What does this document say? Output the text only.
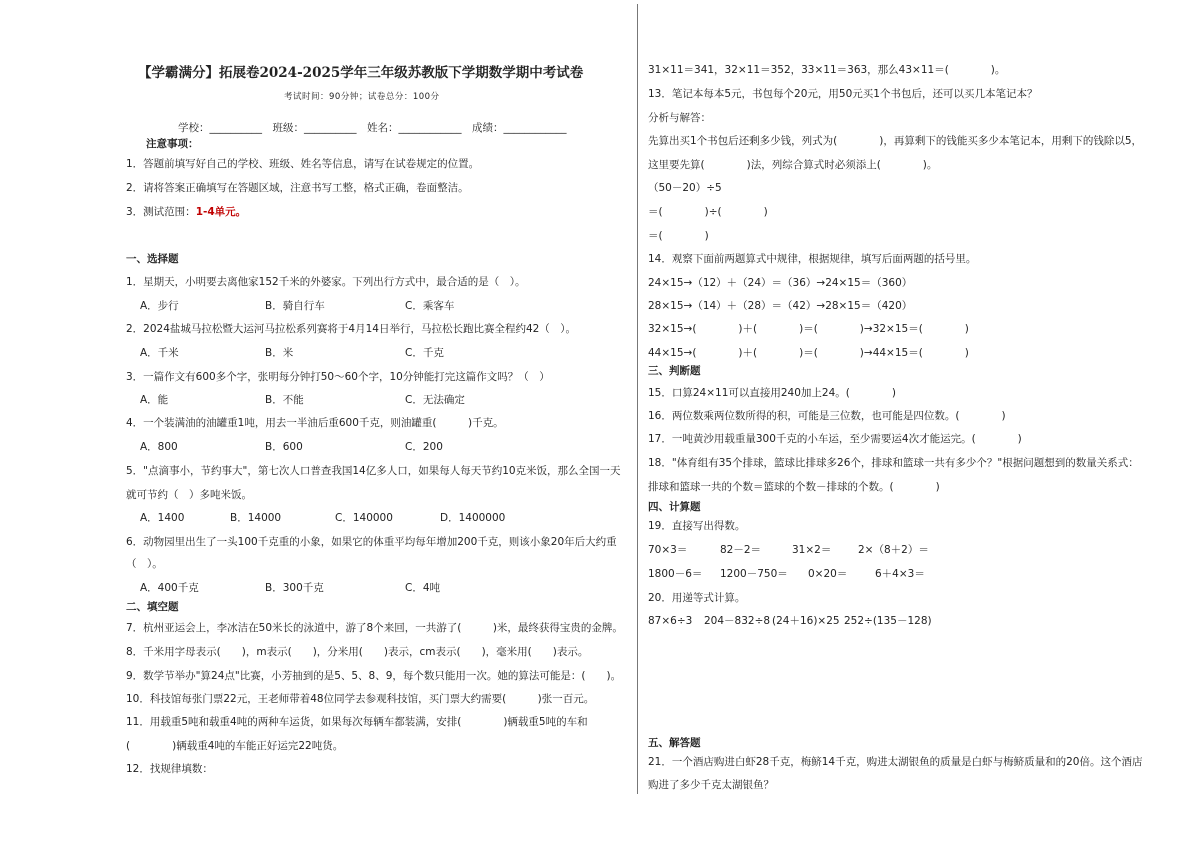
【学霸满分】拓展卷2024-2025学年三年级苏教版下学期数学期中考试卷
考试时间：90分钟；试卷总分：100分
学校：__________　班级：__________　姓名：____________　成绩：____________
注意事项：
1．答题前填写好自己的学校、班级、姓名等信息，请写在试卷规定的位置。
2．请将答案正确填写在答题区域，注意书写工整，格式正确，卷面整洁。
3．测试范围：1-4单元。
一、选择题
1．星期天，小明要去离他家152千米的外婆家。下列出行方式中，最合适的是（　）。
A．步行	B．骑自行车	C．乘客车
2．2024盐城马拉松暨大运河马拉松系列赛将于4月14日举行，马拉松长跑比赛全程约42（　）。
A．千米	B．米	C．千克
3．一篇作文有600多个字，张明每分钟打50～60个字，10分钟能打完这篇作文吗？（　）
A．能	B．不能	C．无法确定
4．一个装满油的油罐重1吨，用去一半油后重600千克，则油罐重(　　　)千克。
A．800	B．600	C．200
5．"点滴事小，节约事大"，第七次人口普查我国14亿多人口，如果每人每天节约10克米饭，那么全国一天
就可节约（　）多吨米饭。
A．1400	B．14000	C．140000	D．1400000
6．动物园里出生了一头100千克重的小象，如果它的体重平均每年增加200千克，则该小象20年后大约重
（　）。
A．400千克	B．300千克	C．4吨
二、填空题
7．杭州亚运会上，李冰洁在50米长的泳道中，游了8个来回，一共游了(　　　)米，最终获得宝贵的金牌。
8．千米用字母表示(　　)，m表示(　　)，分米用(　　)表示，cm表示(　　)，毫米用(　　)表示。
9．数学节举办"算24点"比赛，小芳抽到的是5、5、8、9，每个数只能用一次。她的算法可能是：(　　)。
10．科技馆每张门票22元，王老师带着48位同学去参观科技馆，买门票大约需要(　　　)张一百元。
11．用载重5吨和载重4吨的两种车运货，如果每次每辆车都装满，安排(　　　　)辆载重5吨的车和
(　　　　)辆载重4吨的车能正好运完22吨货。
12．找规律填数：
31×11＝341，32×11＝352，33×11＝363，那么43×11＝(　　　　)。
13．笔记本每本5元，书包每个20元，用50元买1个书包后，还可以买几本笔记本？
分析与解答：
先算出买1个书包后还剩多少钱，列式为(　　　　)，再算剩下的钱能买多少本笔记本，用剩下的钱除以5，
这里要先算(　　　　)法，列综合算式时必须添上(　　　　)。
（50－20）÷5
＝(　　　　)÷(　　　　)
＝(　　　　)
14．观察下面前两题算式中规律，根据规律，填写后面两题的括号里。
24×15→（12）＋（24）＝（36）→24×15＝（360）
28×15→（14）＋（28）＝（42）→28×15＝（420）
32×15→(　　　　)＋(　　　　)＝(　　　　)→32×15＝(　　　　)
44×15→(　　　　)＋(　　　　)＝(　　　　)→44×15＝(　　　　)
三、判断题
15．口算24×11可以直接用240加上24。(　　　　)
16．两位数乘两位数所得的积，可能是三位数，也可能是四位数。(　　　　)
17．一吨黄沙用载重量300千克的小车运，至少需要运4次才能运完。(　　　　)
18．"体育组有35个排球，篮球比排球多26个，排球和篮球一共有多少个？"根据问题想到的数量关系式：
排球和篮球一共的个数＝篮球的个数－排球的个数。(　　　　)
四、计算题
19．直接写出得数。
70×3＝	82－2＝	31×2＝	2×（8＋2）＝
1800－6＝ 1200－750＝ 0×20＝	6＋4×3＝
20．用递等式计算。
87×6÷3 204－832÷8 (24＋16)×25 252÷(135－128)
五、解答题
21．一个酒店购进白虾28千克，梅鲚14千克，购进太湖银鱼的质量是白虾与梅鲚质量和的20倍。这个酒店
购进了多少千克太湖银鱼？
